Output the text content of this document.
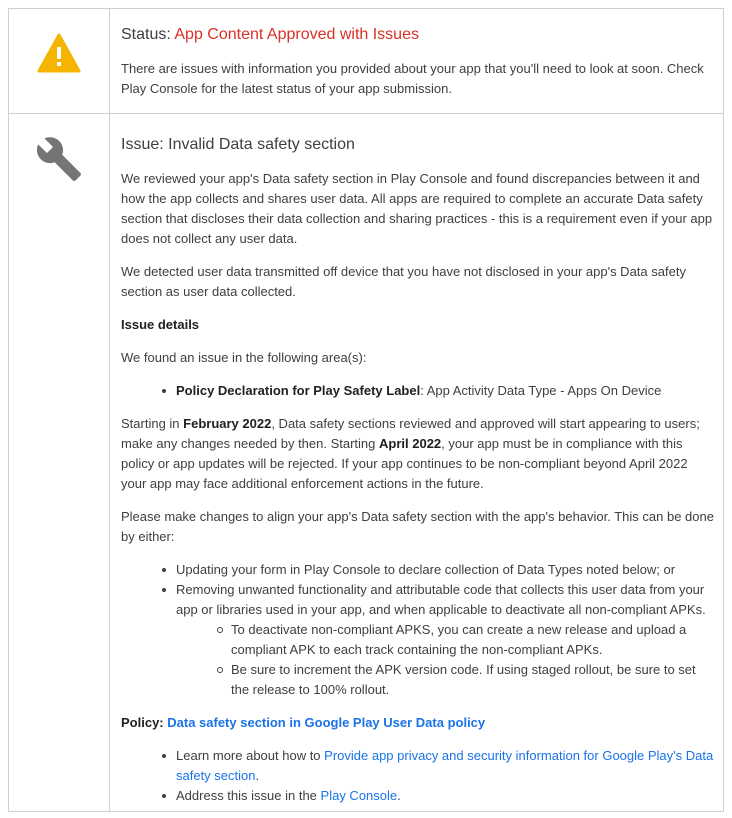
Status: App Content Approved with Issues

There are issues with information you provided about your app that you'll need to look at soon. Check Play Console for the latest status of your app submission.

Issue: Invalid Data safety section

We reviewed your app's Data safety section in Play Console and found discrepancies between it and how the app collects and shares user data. All apps are required to complete an accurate Data safety section that discloses their data collection and sharing practices - this is a requirement even if your app does not collect any user data.

We detected user data transmitted off device that you have not disclosed in your app's Data safety section as user data collected.

Issue details

We found an issue in the following area(s):

Policy Declaration for Play Safety Label: App Activity Data Type - Apps On Device

Starting in February 2022, Data safety sections reviewed and approved will start appearing to users; make any changes needed by then. Starting April 2022, your app must be in compliance with this policy or app updates will be rejected. If your app continues to be non-compliant beyond April 2022 your app may face additional enforcement actions in the future.

Please make changes to align your app's Data safety section with the app's behavior. This can be done by either:

Updating your form in Play Console to declare collection of Data Types noted below; or
Removing unwanted functionality and attributable code that collects this user data from your app or libraries used in your app, and when applicable to deactivate all non-compliant APKs.
To deactivate non-compliant APKS, you can create a new release and upload a compliant APK to each track containing the non-compliant APKs.
Be sure to increment the APK version code. If using staged rollout, be sure to set the release to 100% rollout.

Policy: Data safety section in Google Play User Data policy

Learn more about how to Provide app privacy and security information for Google Play's Data safety section.
Address this issue in the Play Console.
